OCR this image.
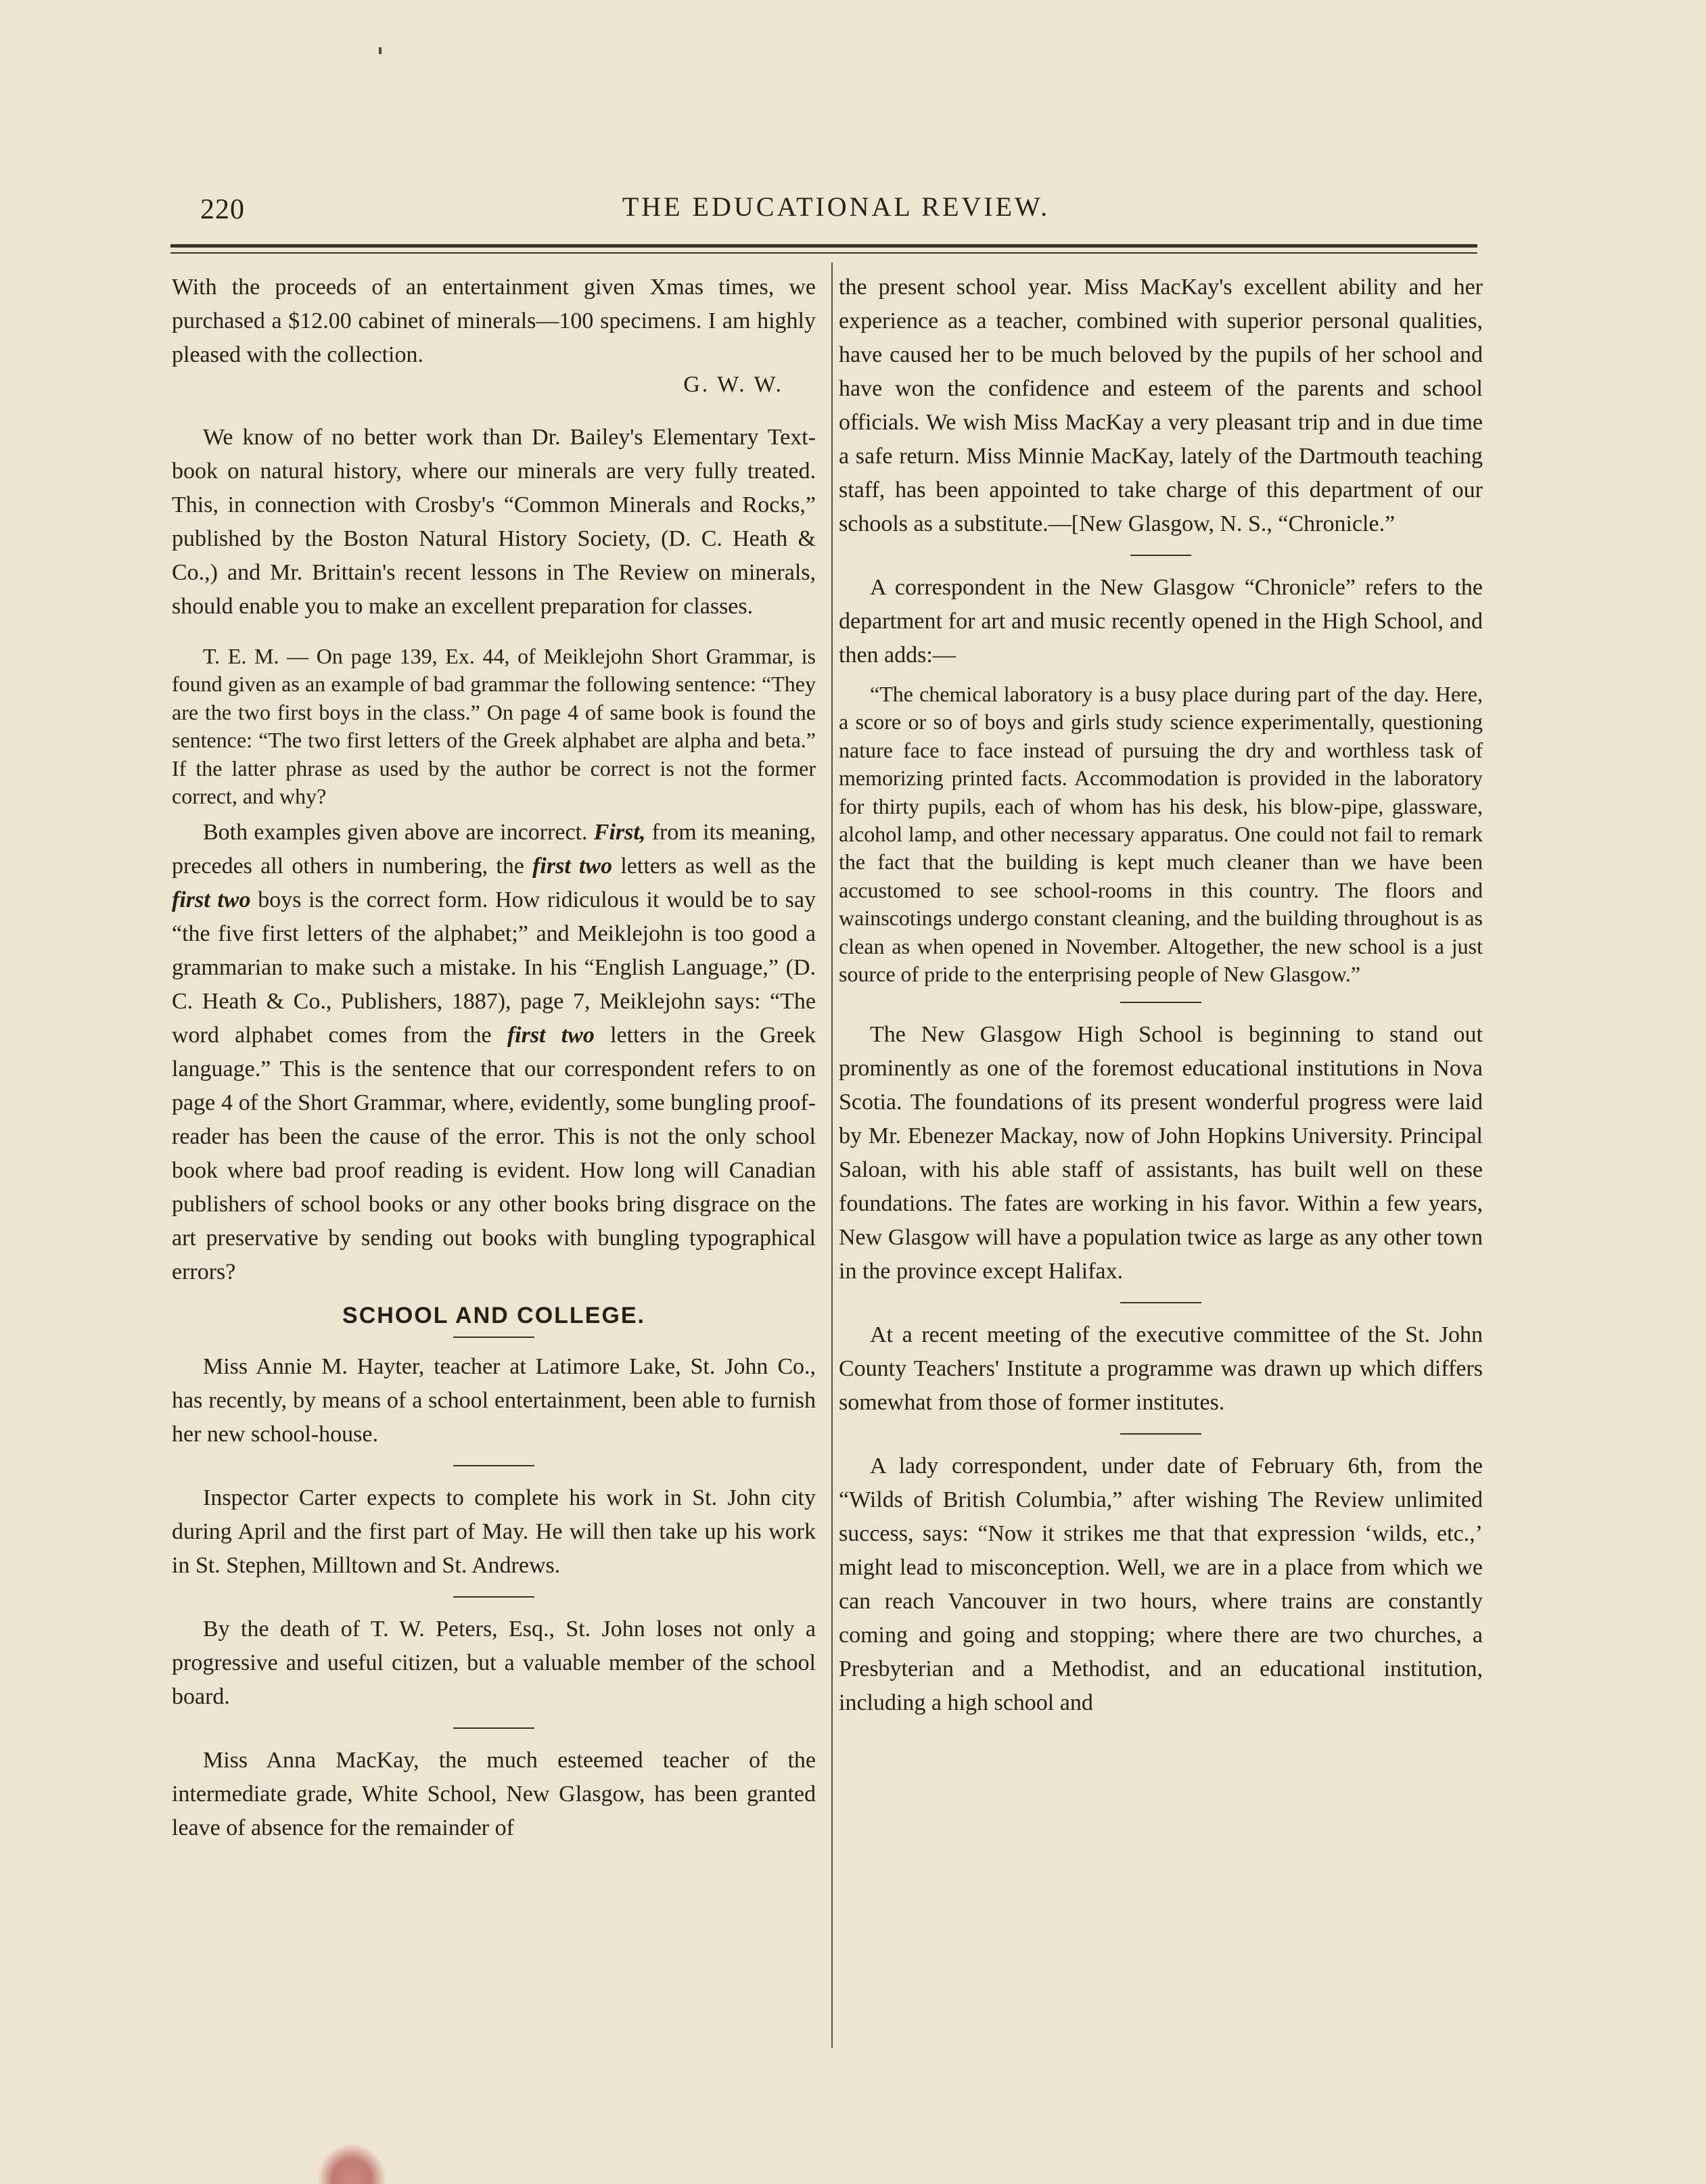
220	THE EDUCATIONAL REVIEW.

With the proceeds of an entertainment given Xmas times, we purchased a $12.00 cabinet of minerals—100 specimens. I am highly pleased with the collection.

G. W. W.

We know of no better work than Dr. Bailey's Elementary Text-book on natural history, where our minerals are very fully treated. This, in connection with Crosby's “Common Minerals and Rocks,” published by the Boston Natural History Society, (D. C. Heath & Co.,) and Mr. Brittain's recent lessons in The Review on minerals, should enable you to make an excellent preparation for classes.

T. E. M. — On page 139, Ex. 44, of Meiklejohn Short Grammar, is found given as an example of bad grammar the following sentence: “They are the two first boys in the class.” On page 4 of same book is found the sentence: “The two first letters of the Greek alphabet are alpha and beta.” If the latter phrase as used by the author be correct is not the former correct, and why?

Both examples given above are incorrect. First, from its meaning, precedes all others in numbering, the first two letters as well as the first two boys is the correct form. How ridiculous it would be to say “the five first letters of the alphabet;” and Meiklejohn is too good a grammarian to make such a mistake. In his “English Language,” (D. C. Heath & Co., Publishers, 1887), page 7, Meiklejohn says: “The word alphabet comes from the first two letters in the Greek language.” This is the sentence that our correspondent refers to on page 4 of the Short Grammar, where, evidently, some bungling proof-reader has been the cause of the error. This is not the only school book where bad proof reading is evident. How long will Canadian publishers of school books or any other books bring disgrace on the art preservative by sending out books with bungling typographical errors?

SCHOOL AND COLLEGE.

Miss Annie M. Hayter, teacher at Latimore Lake, St. John Co., has recently, by means of a school entertainment, been able to furnish her new school-house.

Inspector Carter expects to complete his work in St. John city during April and the first part of May. He will then take up his work in St. Stephen, Milltown and St. Andrews.

By the death of T. W. Peters, Esq., St. John loses not only a progressive and useful citizen, but a valuable member of the school board.

Miss Anna MacKay, the much esteemed teacher of the intermediate grade, White School, New Glasgow, has been granted leave of absence for the remainder of

the present school year. Miss MacKay's excellent ability and her experience as a teacher, combined with superior personal qualities, have caused her to be much beloved by the pupils of her school and have won the confidence and esteem of the parents and school officials. We wish Miss MacKay a very pleasant trip and in due time a safe return. Miss Minnie MacKay, lately of the Dartmouth teaching staff, has been appointed to take charge of this department of our schools as a substitute.—[New Glasgow, N. S., “Chronicle.”

A correspondent in the New Glasgow “Chronicle” refers to the department for art and music recently opened in the High School, and then adds:—

“The chemical laboratory is a busy place during part of the day. Here, a score or so of boys and girls study science experimentally, questioning nature face to face instead of pursuing the dry and worthless task of memorizing printed facts. Accommodation is provided in the laboratory for thirty pupils, each of whom has his desk, his blow-pipe, glassware, alcohol lamp, and other necessary apparatus. One could not fail to remark the fact that the building is kept much cleaner than we have been accustomed to see school-rooms in this country. The floors and wainscotings undergo constant cleaning, and the building throughout is as clean as when opened in November. Altogether, the new school is a just source of pride to the enterprising people of New Glasgow.”

The New Glasgow High School is beginning to stand out prominently as one of the foremost educational institutions in Nova Scotia. The foundations of its present wonderful progress were laid by Mr. Ebenezer Mackay, now of John Hopkins University. Principal Saloan, with his able staff of assistants, has built well on these foundations. The fates are working in his favor. Within a few years, New Glasgow will have a population twice as large as any other town in the province except Halifax.

At a recent meeting of the executive committee of the St. John County Teachers' Institute a programme was drawn up which differs somewhat from those of former institutes.

A lady correspondent, under date of February 6th, from the “Wilds of British Columbia,” after wishing The Review unlimited success, says: “Now it strikes me that that expression ‘wilds, etc.,’ might lead to misconception. Well, we are in a place from which we can reach Vancouver in two hours, where trains are constantly coming and going and stopping; where there are two churches, a Presbyterian and a Methodist, and an educational institution, including a high school and
